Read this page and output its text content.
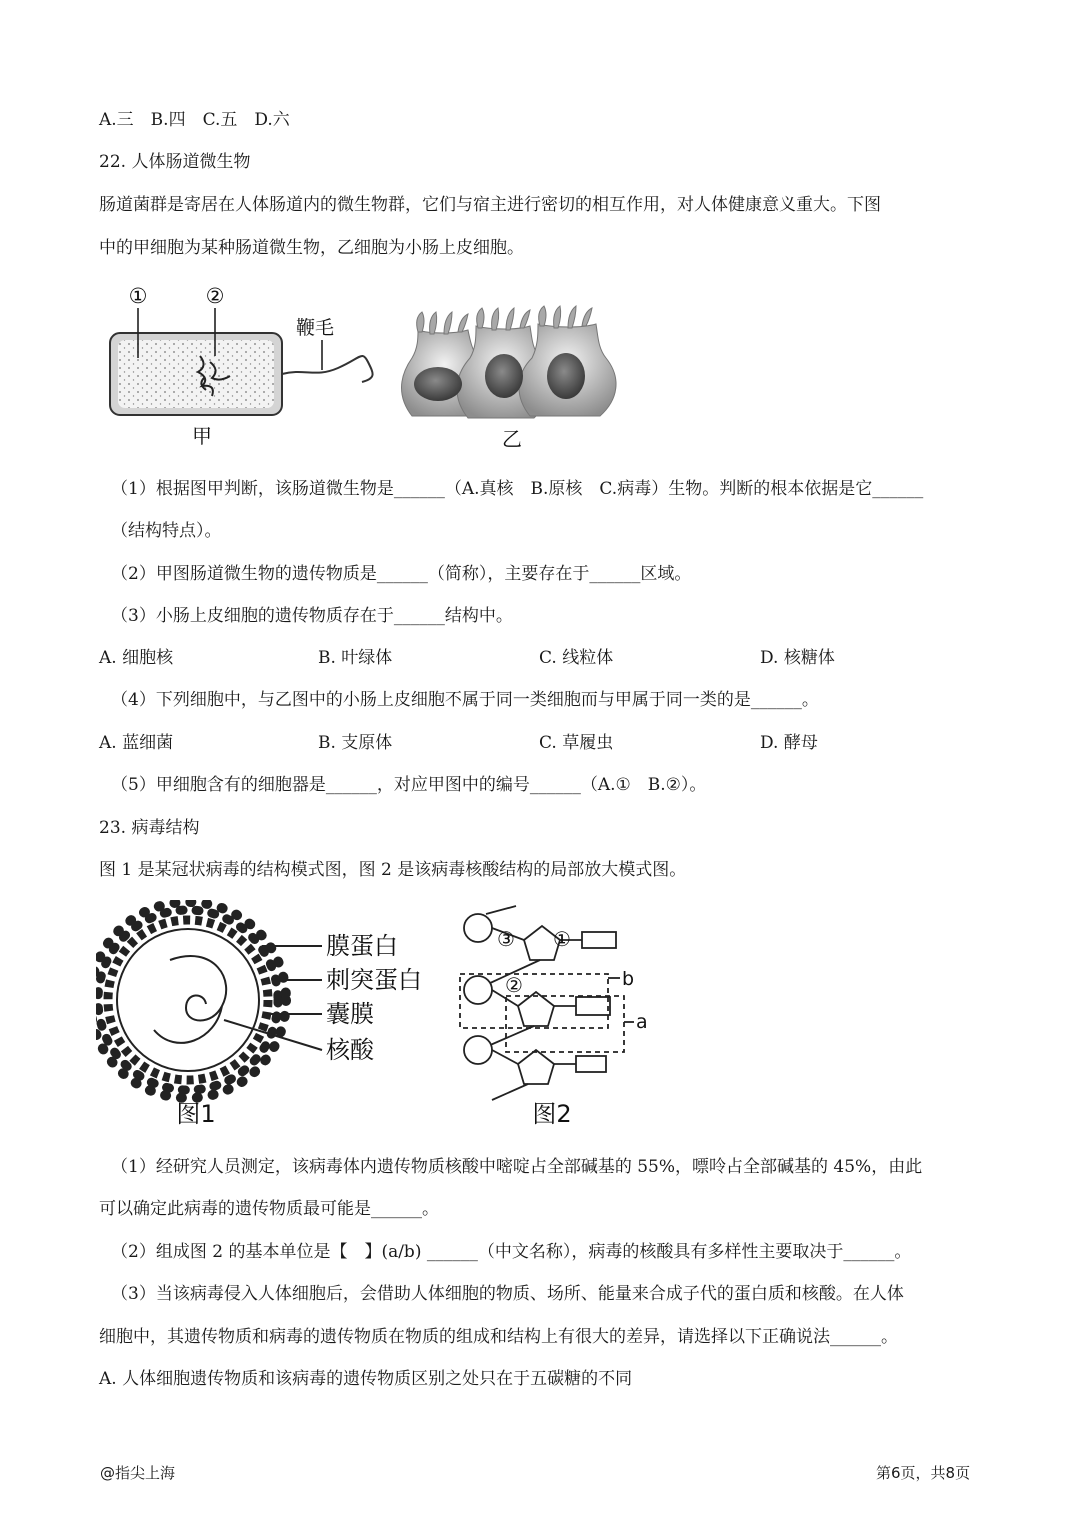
A.三　B.四　C.五　D.六
22. 人体肠道微生物
肠道菌群是寄居在人体肠道内的微生物群，它们与宿主进行密切的相互作用，对人体健康意义重大。下图
中的甲细胞为某种肠道微生物，乙细胞为小肠上皮细胞。
①	②
鞭毛
甲	乙
（1）根据图甲判断，该肠道微生物是______（A.真核　B.原核　C.病毒）生物。判断的根本依据是它______
（结构特点）。
（2）甲图肠道微生物的遗传物质是______（简称），主要存在于______区域。
（3）小肠上皮细胞的遗传物质存在于______结构中。
A. 细胞核	B. 叶绿体	C. 线粒体	D. 核糖体
（4）下列细胞中，与乙图中的小肠上皮细胞不属于同一类细胞而与甲属于同一类的是______。
A. 蓝细菌	B. 支原体	C. 草履虫	D. 酵母
（5）甲细胞含有的细胞器是______，对应甲图中的编号______（A.①　B.②）。
23. 病毒结构
图 1 是某冠状病毒的结构模式图，图 2 是该病毒核酸结构的局部放大模式图。
膜蛋白
刺突蛋白
囊膜
核酸
图1
③ ①
②	b
a
图2
（1）经研究人员测定，该病毒体内遗传物质核酸中嘧啶占全部碱基的 55%，嘌呤占全部碱基的 45%，由此
可以确定此病毒的遗传物质最可能是______。
（2）组成图 2 的基本单位是【　】(a/b) ______（中文名称），病毒的核酸具有多样性主要取决于______。
（3）当该病毒侵入人体细胞后，会借助人体细胞的物质、场所、能量来合成子代的蛋白质和核酸。在人体
细胞中，其遗传物质和病毒的遗传物质在物质的组成和结构上有很大的差异，请选择以下正确说法______。
A. 人体细胞遗传物质和该病毒的遗传物质区别之处只在于五碳糖的不同
@指尖上海	第6页，共8页
